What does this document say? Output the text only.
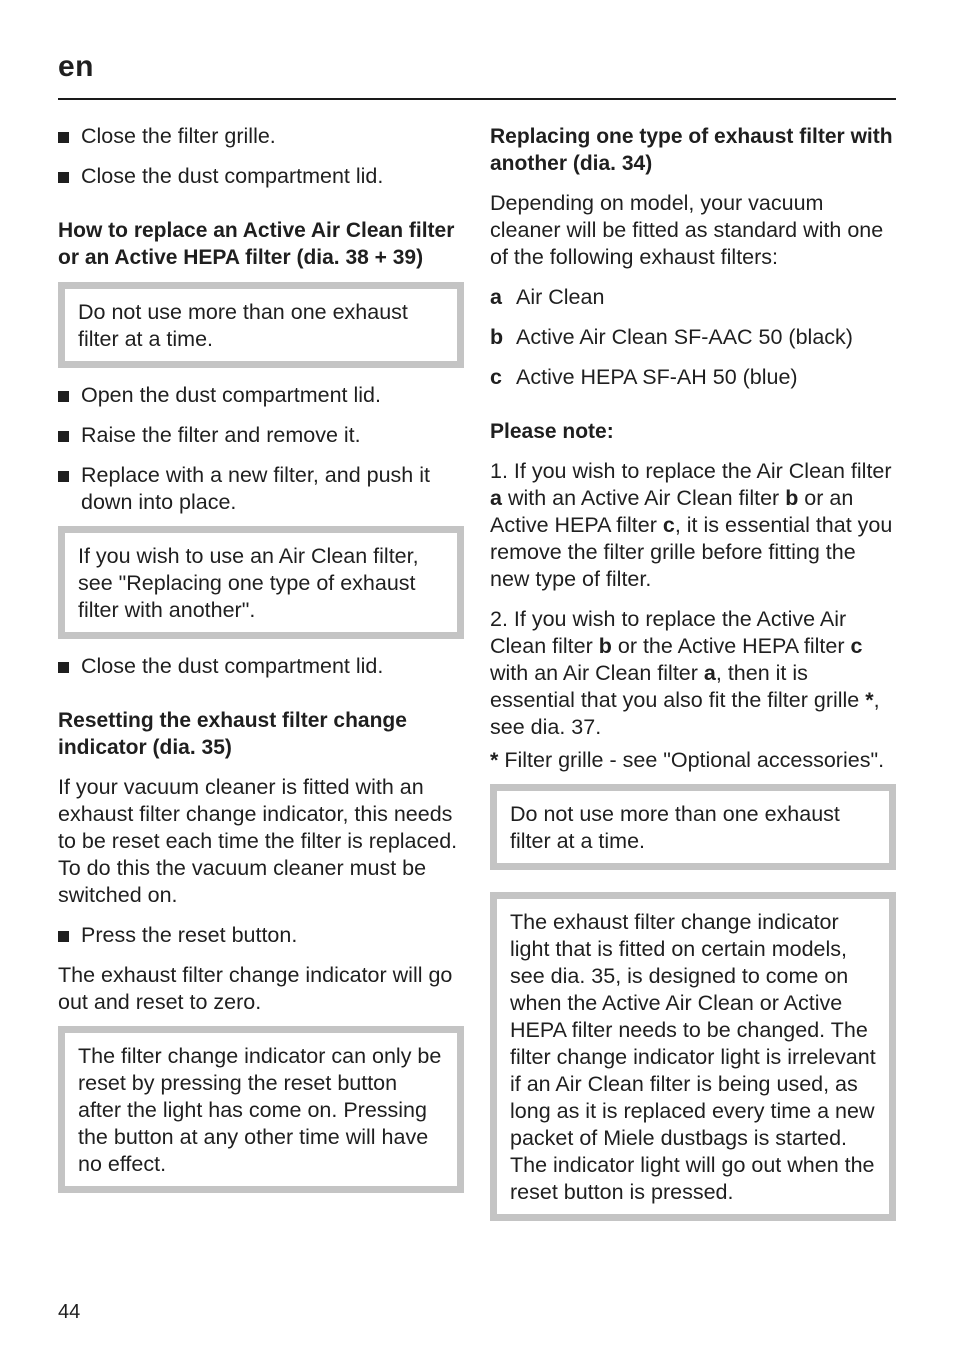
en
Close the filter grille.
Close the dust compartment lid.
How to replace an Active Air Clean filter or an Active HEPA filter (dia. 38 + 39)
Do not use more than one exhaust filter at a time.
Open the dust compartment lid.
Raise the filter and remove it.
Replace with a new filter, and push it down into place.
If you wish to use an Air Clean filter, see "Replacing one type of exhaust filter with another".
Close the dust compartment lid.
Resetting the exhaust filter change indicator (dia. 35)

If your vacuum cleaner is fitted with an exhaust filter change indicator, this needs to be reset each time the filter is replaced. To do this the vacuum cleaner must be switched on.

Press the reset button.

The exhaust filter change indicator will go out and reset to zero.

The filter change indicator can only be reset by pressing the reset button after the light has come on. Pressing the button at any other time will have no effect.
Replacing one type of exhaust filter with another (dia. 34)

Depending on model, your vacuum cleaner will be fitted as standard with one of the following exhaust filters:

a Air Clean
b Active Air Clean SF-AAC 50 (black)
c Active HEPA SF-AH 50 (blue)
Please note:

1. If you wish to replace the Air Clean filter a with an Active Air Clean filter b or an Active HEPA filter c, it is essential that you remove the filter grille before fitting the new type of filter.

2. If you wish to replace the Active Air Clean filter b or the Active HEPA filter c with an Air Clean filter a, then it is essential that you also fit the filter grille *, see dia. 37.

* Filter grille - see "Optional accessories".

Do not use more than one exhaust filter at a time.
The exhaust filter change indicator light that is fitted on certain models, see dia. 35, is designed to come on when the Active Air Clean or Active HEPA filter needs to be changed. The filter change indicator light is irrelevant if an Air Clean filter is being used, as long as it is replaced every time a new packet of Miele dustbags is started. The indicator light will go out when the reset button is pressed.
44
